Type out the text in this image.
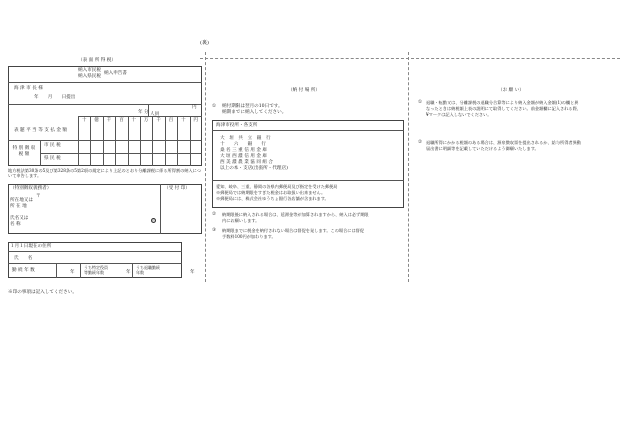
(裏)
（表 面 所 得 税）
納入市民税
納入県民税
納入申告書
海 津 市 長 様
年　　月　　日提出
円
年 分 人員
十	億	千	百	十	万	千	百	十	円
表 題 平 当 等 支 払 金 額
特 別 徴 収 税 額
市 民 税
県 民 税
地方税法第30条の5及び第328条の5第2項の規定により上記のとおり分離課税に係る所得割の納入について申告します。
（特別徴収義務者）
〒
所在地又は
所 在 地
氏名又は
名 称
印
（受 付 印）
１月１日現在の住所
氏　　名
勤 続 年 数	年
うち特定役員
等勤続年数	年
うち退職勤続
年数	年
※印の事項は記入してください。
（納 付 場 所）
① 納付期限は翌月の10日です。
納期までに納入してください。
海津市役所・各支所
大　垣　共　立　銀　行
十　　六　　銀　　行
桑 名 三 重 信 用 金 庫
大 垣 西 濃 信 用 金 庫
西 美 濃 農 業 協 同 組 合
以上の本・支店(出張所・代理店)
愛知、岐阜、三重、静岡の各県内郵便局及び指定を受けた郵便局
※郵便局では納期限をすぎた税金はお取扱い出来ません。
※郵便局には、株式会社ゆうちょ銀行各店舗が含まれます。
② 納期限後に納入される場合は、延滞金等が加算されますから、納入は必ず期限
内にお願いします。
③ 納期限までに税金を納付されない場合は督促を発します。この場合には督促
手数料100円が加わります。
（お 願 い）
① 退職・転勤又は、分離課税の退職分合算等により納入金額が納入金額(1)の欄と異
なったときは納税額上表の説明にて取得してください。前金額欄に記入される際、
¥マークは記入しないでください。
② 退職所得にかかる税額のある場合は、源泉徴収票を提出されるか、給与所得者異動
届出書に明細等を記載していただけるよう御願いたします。
